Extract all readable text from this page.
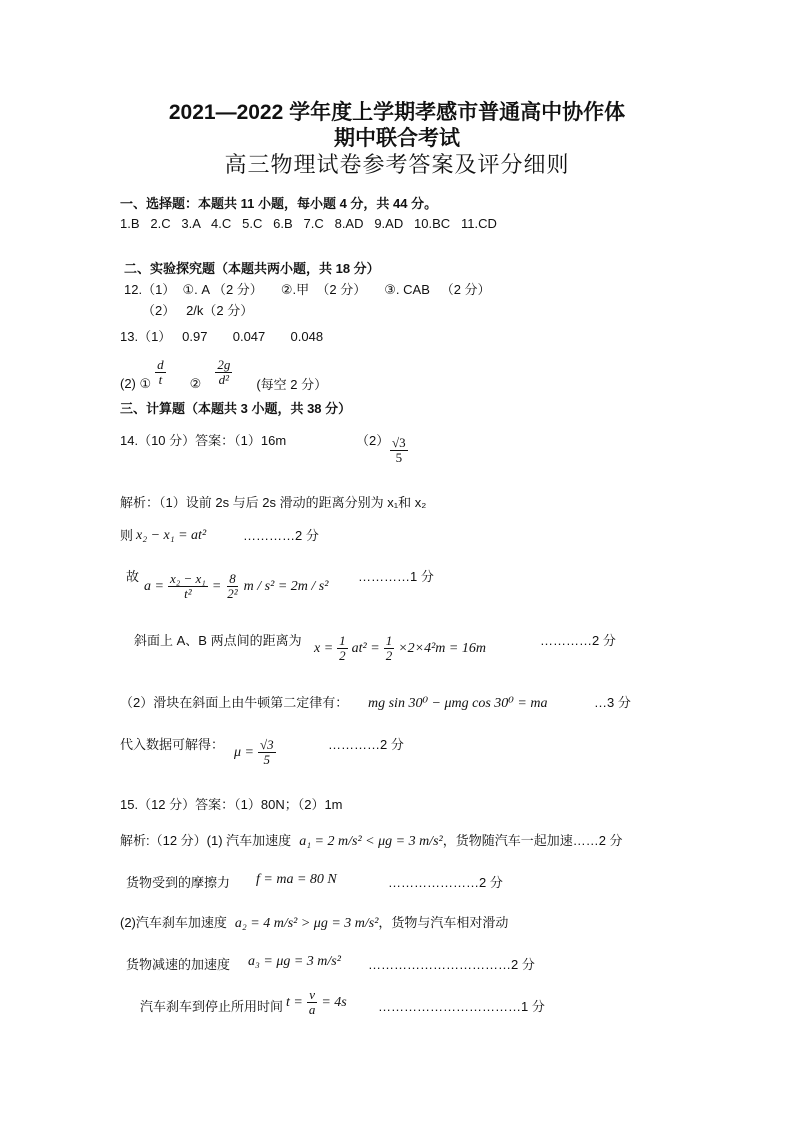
2021—2022 学年度上学期孝感市普通高中协作体
期中联合考试
高三物理试卷参考答案及评分细则
一、选择题：本题共 11 小题，每小题 4 分，共 44 分。
1.B   2.C   3.A   4.C   5.C   6.B   7.C   8.AD   9.AD   10.BC   11.CD
二、实验探究题（本题共两小题，共 18 分）
12.（1）  ①. A （2 分）     ②.甲  （2 分）     ③. CAB   （2 分）
（2）   2/k（2 分）
13.（1）   0.97       0.047       0.048
(2) ① $\frac{d}{t}$ ② $\frac{2g}{\text{d²}}$ (每空 2 分）
三、计算题（本题共 3 小题，共 38 分）
14.（10 分）答案：（1）16m	$(2) \frac{√3}{5}$
解析：（1）设前 2s 与后 2s 滑动的距离分别为 x₁和 x₂
则 x₂ − x₁ = at²	…………2 分
故
$a = \frac{\text{x₂ − x₁}}{\text{t²}} = \frac{8}{\text{2²}}$ m / s² = 2m / s²
…………1 分
斜面上 A、B 两点间的距离为
$x = \frac{1}{2} at^2 = \frac{1}{2} \times 2\times 4^2m = 16m$
…………2 分
（2）滑块在斜面上由牛顿第二定律有： mg sin 30⁰ − μmg cos 30⁰ = ma	…3 分
代入数据可解得：
$\mu = \frac{√3}{5}$	…………2 分
15.（12 分）答案：（1）80N；（2）1m
解析:（12 分）(1) 汽车加速度 a₁ = 2 m/s² < μg = 3 m/s² ，货物随汽车一起加速……2 分
货物受到的摩擦力 f = ma = 80 N	…………………2 分
(2)汽车刹车加速度 a₂ = 4 m/s² > μg = 3 m/s² ，货物与汽车相对滑动
货物减速的加速度 a₃ = μg = 3 m/s² ……………………………2 分
汽车刹车到停止所用时间 $t = \frac{v}{a} = 4s$ ……………………………1 分
